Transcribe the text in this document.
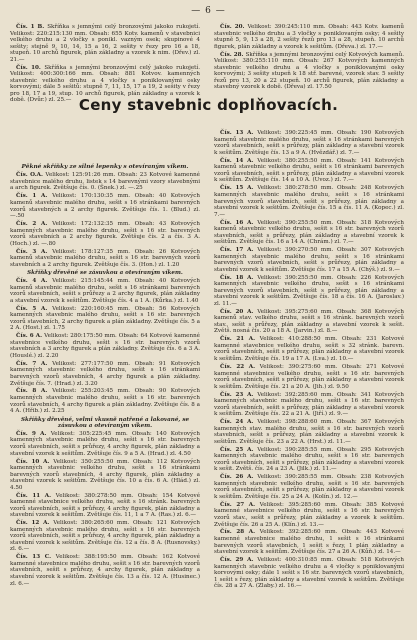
— 6 —

Čís. 1 B. Skříňka s jemnými celý bronzovými jakoko rukojetí. Velikost: 220:215:130 mm. Obsah: 655 Kotv. kamenů v stavebnici velkého druhu a 2 vločky s ponikl. vazným osek; skupinové 4 sešity; stejně 9, 10, 14, 15 a 16, 2 sešity v řezy pro 16 a 18, stupeň. 10 archů figurek, plán základny a vzorek k nim. (Dřev.) zl. 21.—

Čís. 10. Skříňka s jemnými bronzovými celý jakoko rukojetí. Velikost: 400:300:166 mm. Obsah: 881 Kotvov. kamenných stavebnic velkého druhu a 4 vločky s poniklovanými osky korvovými; dále 5 sešitů: stupně 7, 11, 15, 17 a 19, 2 sešity v řezy pro 18, 17 a 19, stup. 10 archů figurek, plán základny a vzorek k době. (Dvůr.) zl. 25.—

Pěkné skříňky ze silné lepenky s otevíraným víkem.

Čís. O.A. Velikost: 125:91:26 mm. Obsah: 23 Kotvové kamenné stavebnice malého druhu, listek s 14 barevnými vzory stavebnými a arch figurek. Zvětšuje čís. 0. (Šnek.) zl. —.25

Čís. 1 A. Velikost: 170:130:35 mm. Obsah: 40 Kotvových kamenů stavebnic malého druhu, sešit s 16 stránkami barevných vzorů stavebných a 2 archy figurek. Zvětšuje čís. 1. (Blud.) zl. —.50

Čís. 2 A. Velikost: 172:132:35 mm. Obsah: 43 Kotvových kamenných stavebnic malého druhu, sešit s 16 str. barevných vzorů stavebních a 2 archy figurek. Zvětšuje čís. 2 a čís. 3 A. (Hoch.) zl. —.80

Čís. 3 A. Velikost: 178:127:35 mm. Obsah: 26 Kotvových kamenů stavebnic malého druhu, sešit s 16 str. barevných vzorů stavebních a 2 archy figurek. Zvětšuje čís. 3. (Hon.) zl. 1.20

Skříňky dřevěné se zásuvkou a otevíraným víkem.

Čís. 4 A. Velikost: 215:145:44 mm. Obsah: 40 Kotvových kamenů stavebnic malého druhu, sešit s 16 stránkami barevných vzorů stavebních, sešit s průřezy a 2 archy figurek, plán základny a stavební vzorek k sešitům. Zvětšuje čís. 4 a 1 A. (Kůrka.) zl. 1.40

Čís. 5 A. Velikost: 220:160:45 mm. Obsah: 56 Kotvových kamenných stavebnic malého druhu, sešit s 16 str. barevných vzorů stavebních, 2 archy figurek a plán základny. Zvětšuje čís. 5 a 2 A. (Host.) zl. 1.75

Čís. 6 A. Velikost: 280:175:50 mm. Obsah: 64 Kotvové kamenné stavebnice velkého druhu, sešit s 16 str. barevných vzorů stavebních a 3 archy figurek a plán základny. Zvětšuje čís. 6 a 3 A. (Houslé.) zl. 2.20

Čís. 7 A. Velikost: 277:177:50 mm. Obsah: 91 Kotvových kamenných stavebnic velkého druhu, sešit s 16 stránkami barevných vzorů stavebních, 4 archy figurek a plán základny. Zvětšuje čís. 7. (Hrad.) zl. 3.20

Čís. 8 A. Velikost: 255:203:45 mm. Obsah: 90 Kotvových kamenných stavebnic malého druhu, sešit s 16 str. barevných vzorů stavebních, 4 archy figurek a plán základny. Zvětšuje čís. 8 a 4 A. (Hřib.) zl. 2.25

Skříňky dřevěné, velmi vkusně natřené a lakované, se zásuvkou a otevíraným víkem.

Čís. 9 A. Velikost: 305:225:45 mm. Obsah: 140 Kotvových kamenných stavebnic malého druhu, sešit s 16 str. barevných vzorů stavebních, sešit s průřezy, 4 archy figurek, plán základny a stavební vzorek k sešitům. Zvětšuje čís. 9 a 5 A. (Hrad.) zl. 4.50

Čís. 10 A. Velikost: 350:255:50 mm. Obsah: 112 Kotvových kamenných stavebnic velkého druhu, sešit s 16 stránkami barevných vzorů stavebních, 4 archy figurek, plán základny a stavební vzorek k sešitům. Zvětšuje čís. 10 a čís. 6 A. (Hlád.) zl. 4.50

Čís. 11 A. Velikost: 380:278:50 mm. Obsah: 154 Kotvové kamenné stavebnice velkého druhu, sešit s 16 stránk. barevných vzorů stavebních, sešit s průřezy, 4 archy figurek, plán základny a stavební vzorek k sešitům. Zvětšuje čís. 11, 1 a 7 A. (Ras.) zl. 6.—

Čís. 12 A. Velikost: 380:265:60 mm. Obsah: 121 Kotvových kamenných stavebnic malého druhu, sešit s 16 str. barevných vzorů stavebních, sešit s průřezy, 4 archy figurek, plán základny a stavební vzorek k sešitům. Zvětšuje čís. 12 a čís. 8 A. (Rusnovsky.) zl. 6.—

Čís. 13 C. Velikost: 388:195:50 mm. Obsah: 162 Kotvové kamenné stavebnice malého druhu, sešit s 16 str. barevných vzorů stavebních, sešit s průřezy, 4 archy figurek, plán základny a stavební vzorek k sešitům. Zvětšuje čís. 13 a čís. 12 A. (Husinec.) zl. 6.—

Čís. 20. Velikost: 390:245:110 mm. Obsah: 443 Kotv. kamenů stavebnic velkého druhu a 3 vločky s poniklovaným osky; 4 sešity stupně 5, 9, 13 a 28, 2 sešity řezů pro 13 a 28, stupeň. 10 archů figurek, plán základny a vzorek k sešitům. (Dřeva.) zl. 17.—

Čís. 28. Skříňka s jemnými bronzovými celý Kotvových kamenů. Velikost: 380:255:110 mm. Obsah: 267 Kotvových kamenných stavebnic velkého druhu a 4 vločky s poniklovanými osky korvovými; 3 sešity stupeň k 18 stř. barevné, vzorek stav. 5 sešity řezů pro 13, 20 a 22 stupeň. 10 archů figurek, plán základny a stavebný vzorek k době. (Dřeva) zl. 17.50

Čís. 13 A. Velikost: 390:225:45 mm. Obsah: 190 Kotvových kamenů stavebnic malého druhu, sešit s 16 stránkami barevných vzorů stavebních, sešit s průřezy, plán základny a stavební vzorek k sešitům. Zvětšuje čís. 13 a 9 A. (Hvězdář.) zl. 7.—

Čís. 14 A. Velikost: 380:255:50 mm. Obsah: 141 Kotvových kamenů stavebnic velkého druhu, sešit s 16 stránkami barevných vzorů stavebních, sešit s průřezy, plán základny a stavební vzorek k sešitům. Zvětšuje čís. 14 a 10 A. (Uvoz.) zl. 7.—

Čís. 15 A. Velikost: 380:278:50 mm. Obsah: 248 Kotvových kamenných stavebnic malého druhu, sešit s 16 stránkami barevných vzorů stavebních, sešit s průřezy, plán základny a stavební vzorek k sešitům. Zvětšuje čís. 15 a čís. 11 A. (Kopec.) zl. 7.—

Čís. 16 A. Velikost: 390:255:50 mm. Obsah: 318 Kotvových kamenů stavebnic velkého druhu, sešit s 16 str. barevných vzorů stavebních, sešit s průřezy, plán základny a stavební vzorek k sešitům. Zvětšuje čís. 16 a 14 A. (Chrám.) zl. 7.—

Čís. 17 A. Velikost: 390:270:50 mm. Obsah: 307 Kotvových kamenných stavebnic malého druhu, sešit s 16 stránkami barevných vzorů stavebních, sešit s průřezy, plán základny a stavební vzorek k sešitům. Zvětšuje čís. 17 a 15 A. (Chýš.) zl. 9.—

Čís. 18 A. Velikost: 390:255:50 mm. Obsah: 226 Kotvových kamenných stavebnic velkého druhu, sešit s 16 stránkami barevných vzorů stavebních, sešit s průřezy, plán základny a stavební vzorek k sešitům. Zvětšuje čís. 18 a čís. 16 A. (Jaroslav.) zl. 11.—

Čís. 20 A. Velikost: 395:275:60 mm. Obsah: 368 Kotvových kamenů stav. velkého druhu, sešit s 16 stránk. barevných vzorů stav., sešit s průřezy, plán základny a stavební vzorek k sešit. Zvětš. nosná čís. 20 a 18 A. (Jarvin.) zl. 8.—

Čís. 21 A. Velikost: 410:288:50 mm. Obsah: 231 Kotvové kamenné stavebnice velkého druhu, sešit s 32 stránk. barevn. vzorů stavebních, sešit s průřezy, plán základny a stavební vzorek k sešitům. Zvětšuje čís. 19 a 17 A. (Lva.) zl. 10.—

Čís. 22 A. Velikost: 390:275:60 mm. Obsah: 271 Kotvové kamenné stavebnice velkého druhu, sešit s 16 str. barevných vzorů stavebních, sešit s průřezy, plán základny a stavební vzorek k sešitům. Zvětšuje čís. 21 a 20 A. (Jih.) zl. 9.50

Čís. 23 A. Velikost: 392:285:60 mm. Obsah: 341 Kotvových kamenných stavebnic malého druhu, sešit s 16 str. barevných vzorů stavebních, sešit s průřezy, plán základny a stavební vzorek k sešitům. Zvětšuje čís. 22 a 21 A. (Jiří.) zl. 9.—

Čís. 24 A. Velikost: 398:288:60 mm. Obsah: 367 Kotvových kamenných stav. malého druhu, sešit s 16 str. barevných vzorů stavebních, sešit s průřezy, plán základny a stavební vzorek k sešitům. Zvětšuje čís. 23 a 22 A. (Hrst.) zl. 11.—

Čís. 25 A. Velikost: 390:285:55 mm. Obsah: 295 Kotvových kamenných stavebnic malého druhu, sešit s 16 str. barevných vzorů stavebních, sešit s průřezy, plán základny a stavební vzorek k sešit. Zvětš. čís. 24 a 23 A. (Jilk.) zl. 11.—

Čís. 26 A. Velikost: 390:285:55 mm. Obsah: 238 Kotvových kamenných stavebnic velkého druhu, sešit s 16 str. barevných vzorů stavebních, sešit s průřezy, plán základny a stavební vzorek k sešitům. Zvětšuje čís. 25 a 24 A. (Kolín.) zl. 12.—

Čís. 27 A. Velikost: 395:285:60 mm. Obsah: 385 Kotvové kamenné stavebnice velkého druhu, sešit s 16 str. barevných vzorů stav., sešit s průřezy, plán základny a vzorek k sešitům. Zvětšuje čís. 26 a 25 A. (Klín.) zl. 13.—

Čís. 28 A. Velikost: 392:285:60 mm. Obsah: 443 Kotvové kamenné stavebnice malého druhu, 1 sešit s 16 stránkami barevných vzorů stavebních, 1 sešit s řezy, 1 plán základny a stavební vzorek k sešitům. Zvětšuje čís. 27 a 26 A. (Kůň.) zl. 14.—

Čís. 29 A. Velikost: 400:310:85 mm. Obsah: 518 Kotvových kamenných stavebnic velkého druhu a 4 vločky s poniklovanými korvovými osky; dále 1 sešit s 16 str. barevných vzorů stavebních, 1 sešit s řezy, plán základny a stavební vzorek k sešitům. Zvětšuje čís. 28 a 27 A. (Zlaby.) zl. 16.—

Ceny stavebnic doplňovacích.
